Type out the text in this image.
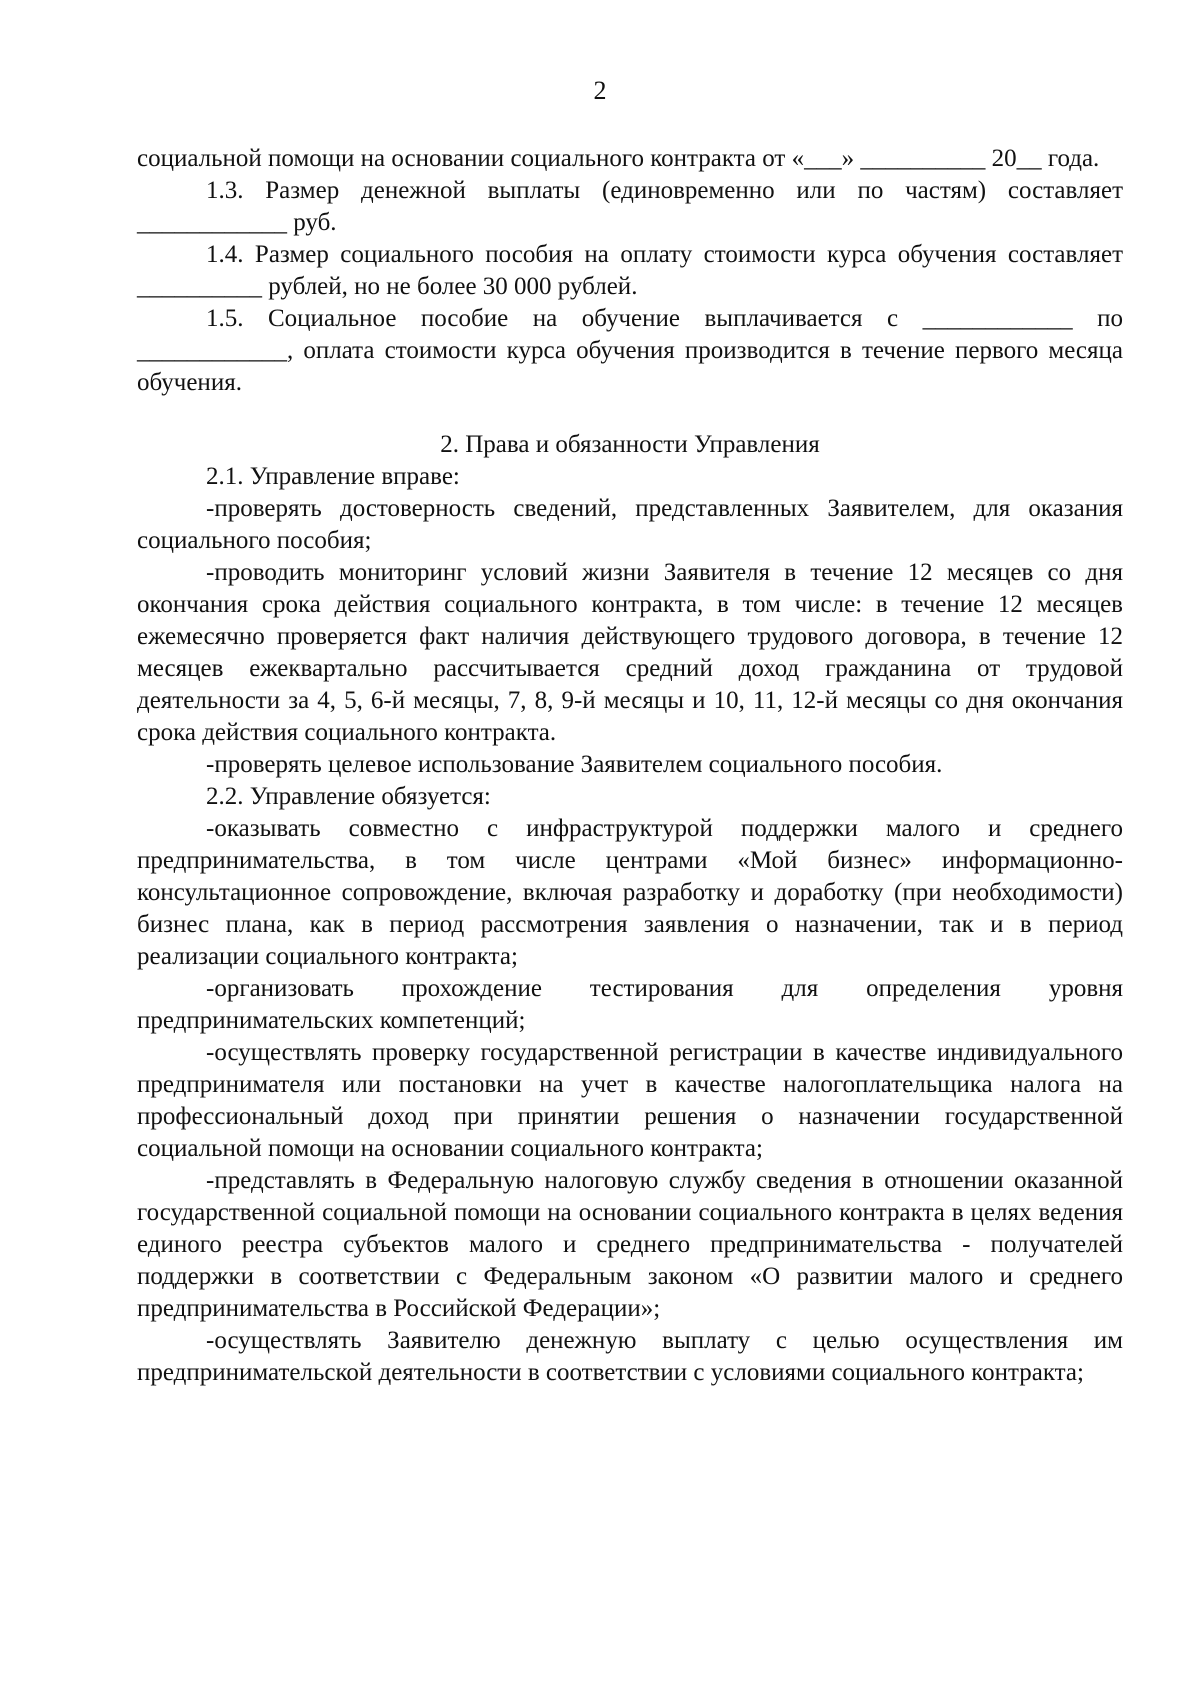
2

социальной помощи на основании социального контракта от «___» __________ 20__ года.

1.3. Размер денежной выплаты (единовременно или по частям) составляет ____________ руб.

1.4. Размер социального пособия на оплату стоимости курса обучения составляет __________ рублей, но не более 30 000 рублей.

1.5. Социальное пособие на обучение выплачивается с ____________ по ____________, оплата стоимости курса обучения производится в течение первого месяца обучения.

2. Права и обязанности Управления

2.1. Управление вправе:

-проверять достоверность сведений, представленных Заявителем, для оказания социального пособия;

-проводить мониторинг условий жизни Заявителя в течение 12 месяцев со дня окончания срока действия социального контракта, в том числе: в течение 12 месяцев ежемесячно проверяется факт наличия действующего трудового договора, в течение 12 месяцев ежеквартально рассчитывается средний доход гражданина от трудовой деятельности за 4, 5, 6-й месяцы, 7, 8, 9-й месяцы и 10, 11, 12-й месяцы со дня окончания срока действия социального контракта.

-проверять целевое использование Заявителем социального пособия.

2.2. Управление обязуется:

-оказывать совместно с инфраструктурой поддержки малого и среднего предпринимательства, в том числе центрами «Мой бизнес» информационно-консультационное сопровождение, включая разработку и доработку (при необходимости) бизнес плана, как в период рассмотрения заявления о назначении, так и в период реализации социального контракта;

-организовать прохождение тестирования для определения уровня предпринимательских компетенций;

-осуществлять проверку государственной регистрации в качестве индивидуального предпринимателя или постановки на учет в качестве налогоплательщика налога на профессиональный доход при принятии решения о назначении государственной социальной помощи на основании социального контракта;

-представлять в Федеральную налоговую службу сведения в отношении оказанной государственной социальной помощи на основании социального контракта в целях ведения единого реестра субъектов малого и среднего предпринимательства - получателей поддержки в соответствии с Федеральным законом «О развитии малого и среднего предпринимательства в Российской Федерации»;

-осуществлять Заявителю денежную выплату с целью осуществления им предпринимательской деятельности в соответствии с условиями социального контракта;
